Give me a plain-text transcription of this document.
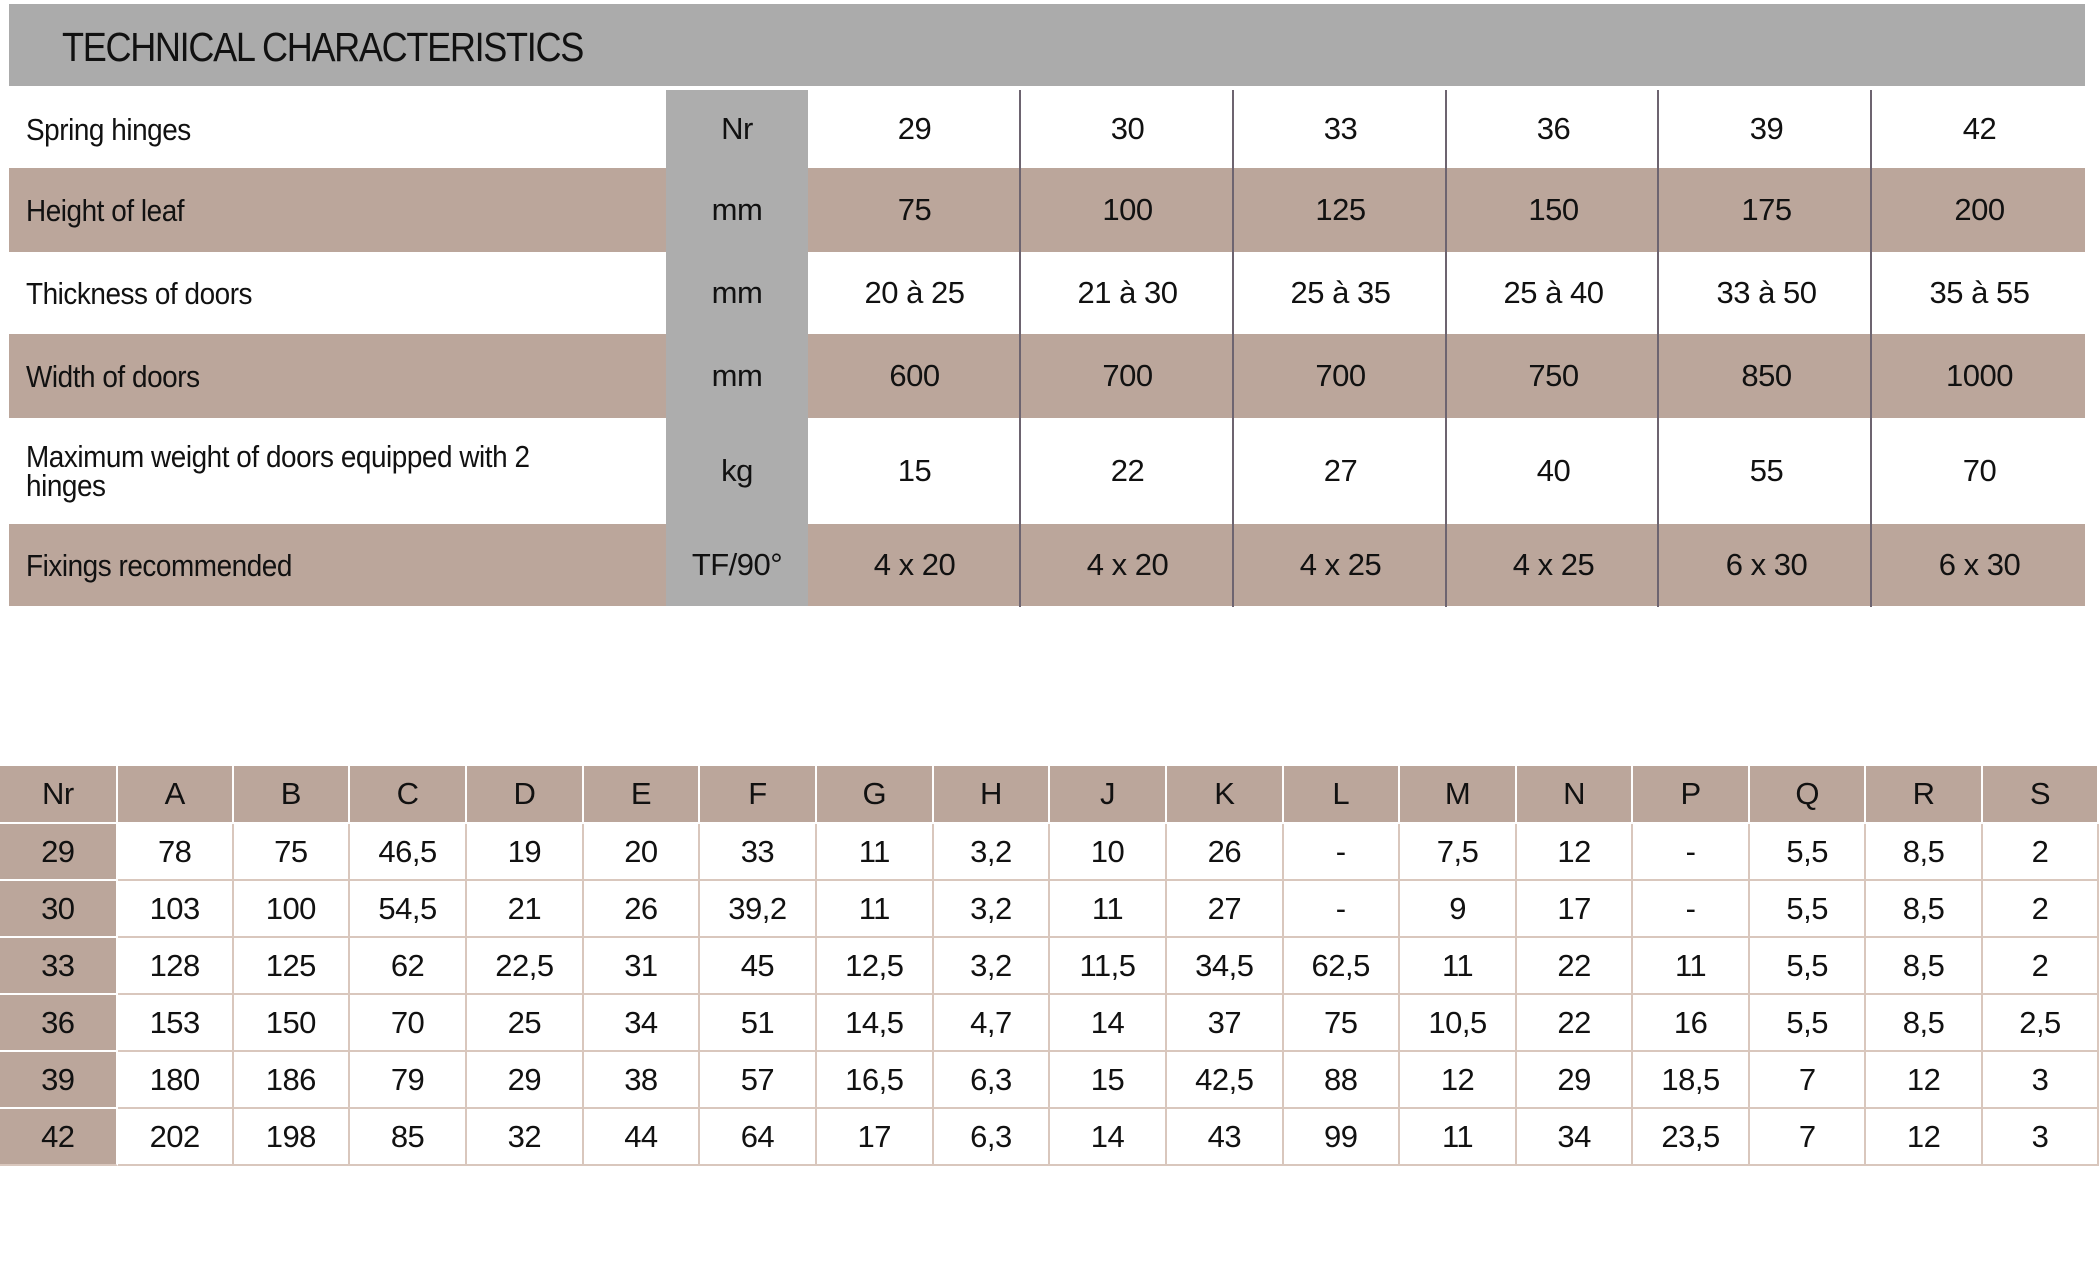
TECHNICAL CHARACTERISTICS
Spring hinges	Nr	29	30	33	36	39	42
Height of leaf	mm	75	100	125	150	175	200
Thickness of doors	mm	20 à 25	21 à 30	25 à 35	25 à 40	33 à 50	35 à 55
Width of doors	mm	600	700	700	750	850	1000
Maximum weight of doors equipped with 2 hinges	kg	15	22	27	40	55	70
Fixings recommended	TF/90°	4 x 20	4 x 20	4 x 25	4 x 25	6 x 30	6 x 30
Nr	A	B	C	D	E	F	G	H	J	K	L	M	N	P	Q	R	S
29	78	75	46,5	19	20	33	11	3,2	10	26	-	7,5	12	-	5,5	8,5	2
30	103	100	54,5	21	26	39,2	11	3,2	11	27	-	9	17	-	5,5	8,5	2
33	128	125	62	22,5	31	45	12,5	3,2	11,5	34,5	62,5	11	22	11	5,5	8,5	2
36	153	150	70	25	34	51	14,5	4,7	14	37	75	10,5	22	16	5,5	8,5	2,5
39	180	186	79	29	38	57	16,5	6,3	15	42,5	88	12	29	18,5	7	12	3
42	202	198	85	32	44	64	17	6,3	14	43	99	11	34	23,5	7	12	3
